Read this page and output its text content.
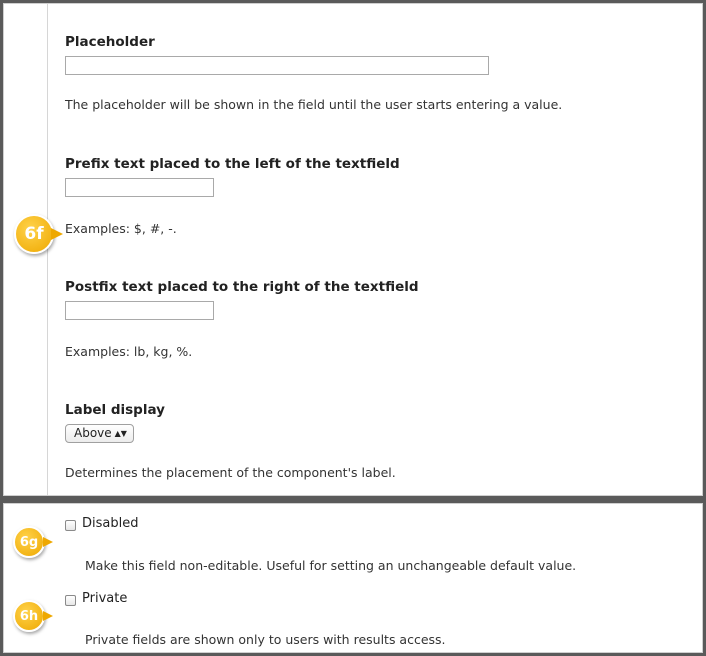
Placeholder
The placeholder will be shown in the field until the user starts entering a value.
Prefix text placed to the left of the textfield
Examples: $, #, -.
Postfix text placed to the right of the textfield
Examples: lb, kg, %.
Label display
Above ▲▼
Determines the placement of the component's label.
Disabled
Make this field non-editable. Useful for setting an unchangeable default value.
Private
Private fields are shown only to users with results access.
6f
6g
6h
